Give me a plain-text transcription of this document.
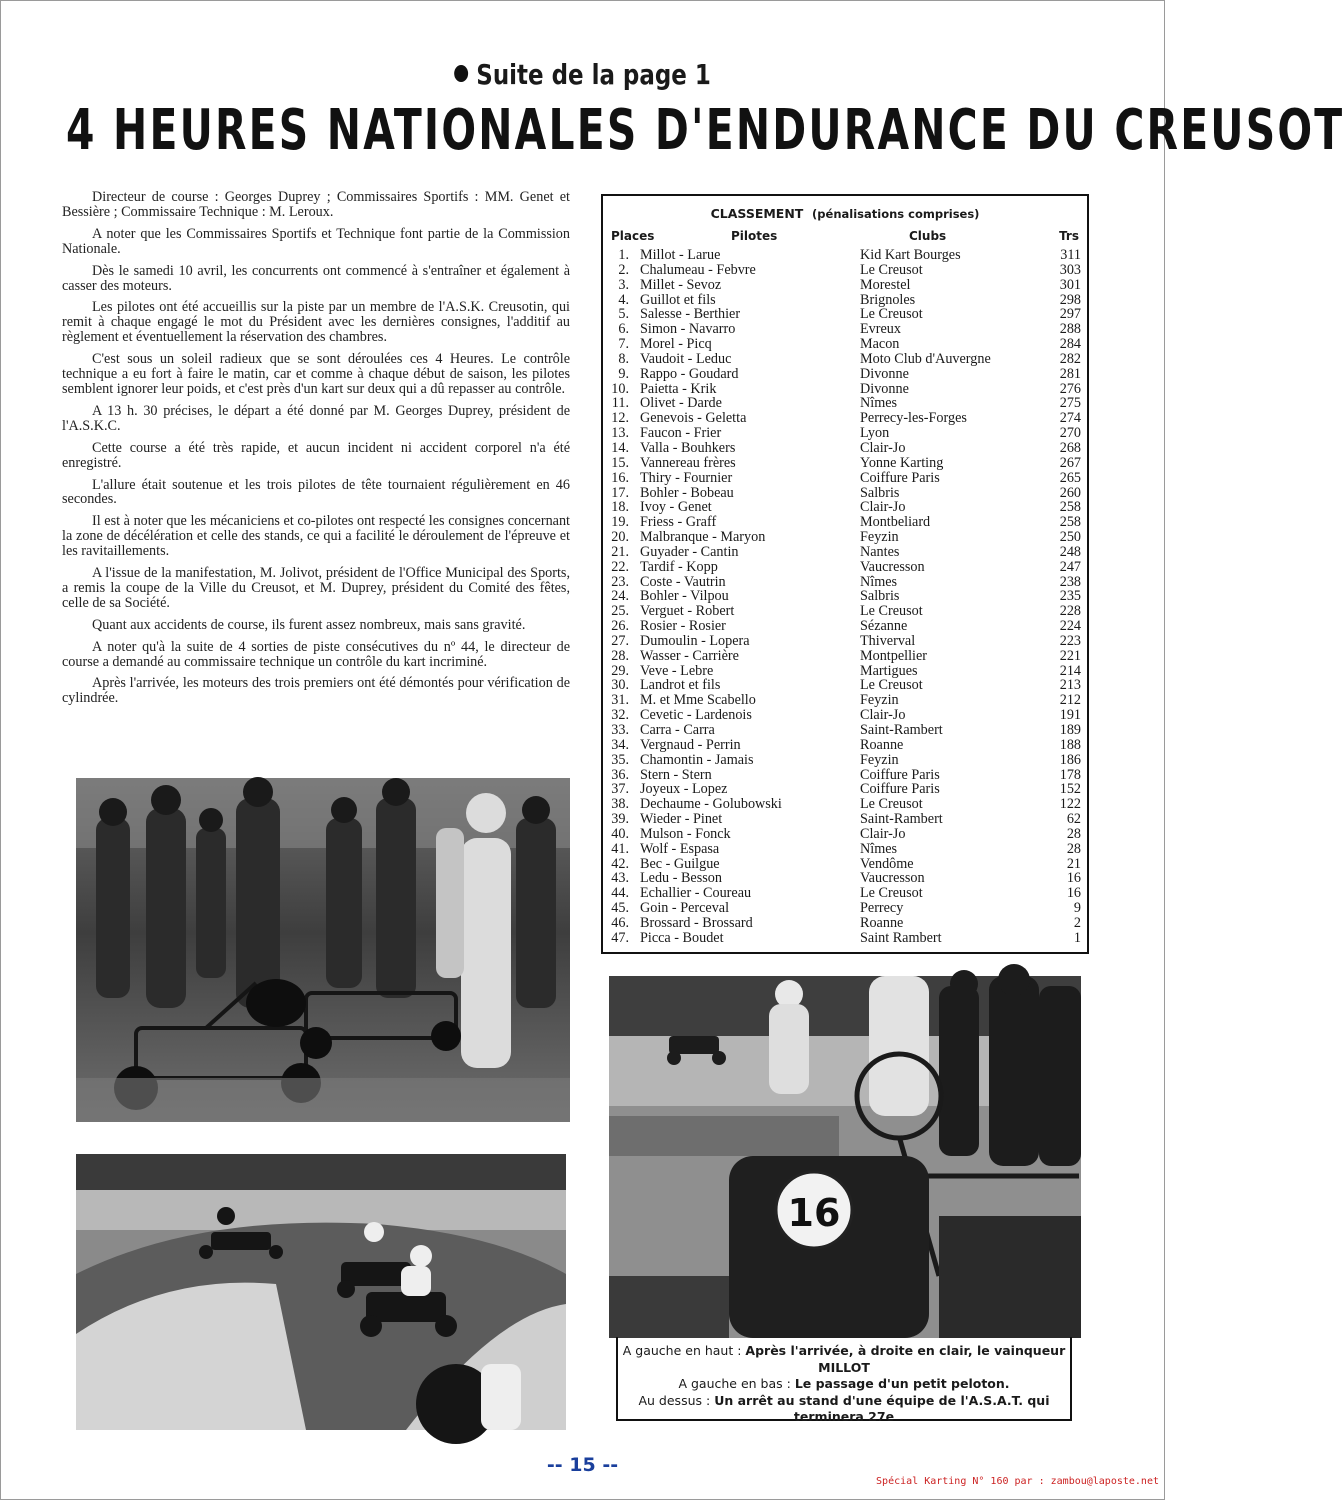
Suite de la page 1
4 HEURES NATIONALES D'ENDURANCE DU CREUSOT

Directeur de course : Georges Duprey ; Commissaires Sportifs : MM. Genet et Bessière ; Commissaire Technique : M. Leroux.

A noter que les Commissaires Sportifs et Technique font partie de la Commission Nationale.

Dès le samedi 10 avril, les concurrents ont commencé à s'entraîner et également à casser des moteurs.

Les pilotes ont été accueillis sur la piste par un membre de l'A.S.K. Creusotin, qui remit à chaque engagé le mot du Président avec les dernières consignes, l'additif au règlement et éventuellement la réservation des chambres.

C'est sous un soleil radieux que se sont déroulées ces 4 Heures. Le contrôle technique a eu fort à faire le matin, car et comme à chaque début de saison, les pilotes semblent ignorer leur poids, et c'est près d'un kart sur deux qui a dû repasser au contrôle.

A 13 h. 30 précises, le départ a été donné par M. Georges Duprey, président de l'A.S.K.C.

Cette course a été très rapide, et aucun incident ni accident corporel n'a été enregistré.

L'allure était soutenue et les trois pilotes de tête tournaient régulièrement en 46 secondes.

Il est à noter que les mécaniciens et co-pilotes ont respecté les consignes concernant la zone de décélération et celle des stands, ce qui a facilité le déroulement de l'épreuve et les ravitaillements.

A l'issue de la manifestation, M. Jolivot, président de l'Office Municipal des Sports, a remis la coupe de la Ville du Creusot, et M. Duprey, président du Comité des fêtes, celle de sa Société.

Quant aux accidents de course, ils furent assez nombreux, mais sans gravité.

A noter qu'à la suite de 4 sorties de piste consécutives du nº 44, le directeur de course a demandé au commissaire technique un contrôle du kart incriminé.

Après l'arrivée, les moteurs des trois premiers ont été démontés pour vérification de cylindrée.

CLASSEMENT (pénalisations comprises)
Places	Pilotes	Clubs	Trs
1. Millot - Larue	Kid Kart Bourges	311
2. Chalumeau - Febvre	Le Creusot	303
3. Millet - Sevoz	Morestel	301
4. Guillot et fils	Brignoles	298
5. Salesse - Berthier	Le Creusot	297
6. Simon - Navarro	Evreux	288
7. Morel - Picq	Macon	284
8. Vaudoit - Leduc	Moto Club d'Auvergne	282
9. Rappo - Goudard	Divonne	281
10. Paietta - Krik	Divonne	276
11. Olivet - Darde	Nîmes	275
12. Genevois - Geletta	Perrecy-les-Forges	274
13. Faucon - Frier	Lyon	270
14. Valla - Bouhkers	Clair-Jo	268
15. Vannereau frères	Yonne Karting	267
16. Thiry - Fournier	Coiffure Paris	265
17. Bohler - Bobeau	Salbris	260
18. Ivoy - Genet	Clair-Jo	258
19. Friess - Graff	Montbeliard	258
20. Malbranque - Maryon	Feyzin	250
21. Guyader - Cantin	Nantes	248
22. Tardif - Kopp	Vaucresson	247
23. Coste - Vautrin	Nîmes	238
24. Bohler - Vilpou	Salbris	235
25. Verguet - Robert	Le Creusot	228
26. Rosier - Rosier	Sézanne	224
27. Dumoulin - Lopera	Thiverval	223
28. Wasser - Carrière	Montpellier	221
29. Veve - Lebre	Martigues	214
30. Landrot et fils	Le Creusot	213
31. M. et Mme Scabello	Feyzin	212
32. Cevetic - Lardenois	Clair-Jo	191
33. Carra - Carra	Saint-Rambert	189
34. Vergnaud - Perrin	Roanne	188
35. Chamontin - Jamais	Feyzin	186
36. Stern - Stern	Coiffure Paris	178
37. Joyeux - Lopez	Coiffure Paris	152
38. Dechaume - Golubowski	Le Creusot	122
39. Wieder - Pinet	Saint-Rambert	62
40. Mulson - Fonck	Clair-Jo	28
41. Wolf - Espasa	Nîmes	28
42. Bec - Guilgue	Vendôme	21
43. Ledu - Besson	Vaucresson	16
44. Echallier - Coureau	Le Creusot	16
45. Goin - Perceval	Perrecy	9
46. Brossard - Brossard	Roanne	2
47. Picca - Boudet	Saint Rambert	1
16
A gauche en haut : Après l'arrivée, à droite en clair, le vainqueur MILLOT
A gauche en bas : Le passage d'un petit peloton.
Au dessus : Un arrêt au stand d'une équipe de l'A.S.A.T. qui terminera 27e
-- 15 --
Spécial Karting N° 160 par : zambou@laposte.net
